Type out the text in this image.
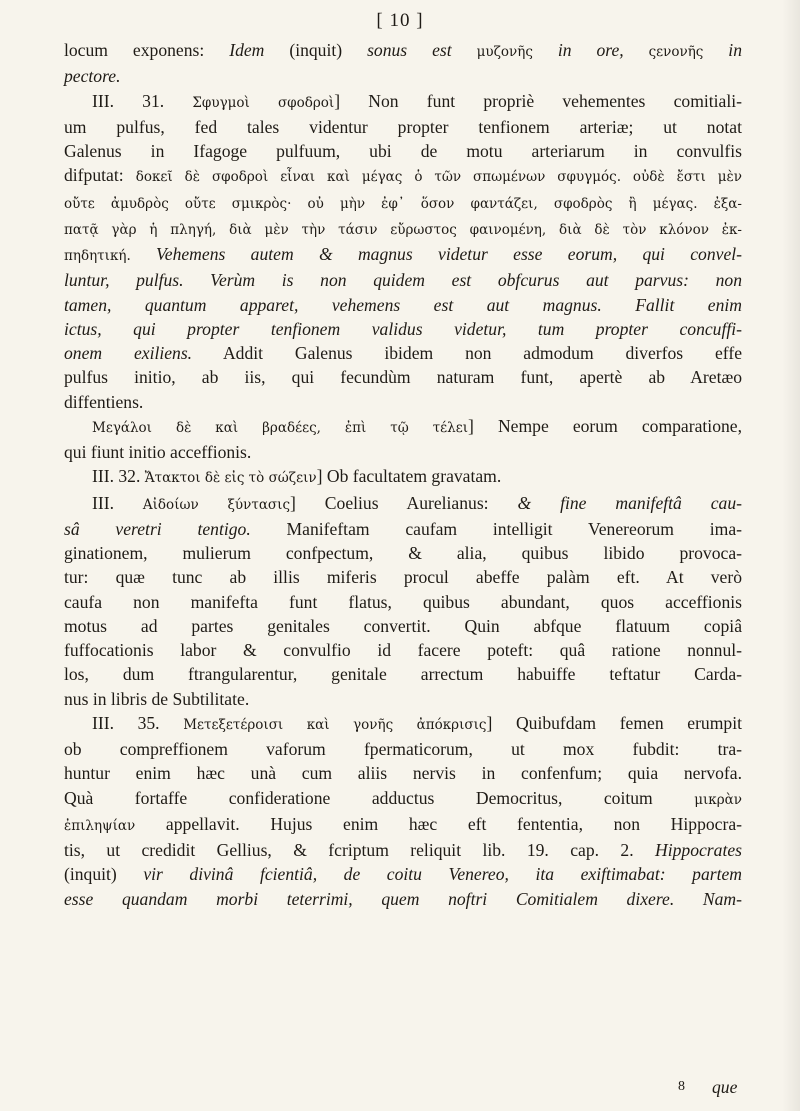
[ 10 ]
locum exponens: Idem (inquit) sonus est μυζονῆς in ore, ςενονῆς in
pectore.
III. 31. Σφυγμοὶ σφοδροὶ] Non funt propriè vehementes comitiali-
um pulfus, fed tales videntur propter tenfionem arteriæ; ut notat
Galenus in Ifagoge pulfuum, ubi de motu arteriarum in convulfis
difputat: δοκεῖ δὲ σφοδροὶ εἶναι καὶ μέγας ὁ τῶν σπωμένων σφυγμός. οὐδὲ ἔστι μὲν
οὔτε ἀμυδρὸς οὔτε σμικρὸς· οὐ μὴν ἐφ᾽ ὅσον φαντάζει, σφοδρὸς ἢ μέγας. ἐξα-
πατᾷ γὰρ ἡ πληγή, διὰ μὲν τὴν τάσιν εὔρωστος φαινομένη, διὰ δὲ τὸν κλόνον ἐκ-
πηδητική. Vehemens autem & magnus videtur esse eorum, qui convel-
luntur, pulfus. Verùm is non quidem est obfcurus aut parvus: non
tamen, quantum apparet, vehemens est aut magnus. Fallit enim
ictus, qui propter tenfionem validus videtur, tum propter concuffi-
onem exiliens. Addit Galenus ibidem non admodum diverfos effe
pulfus initio, ab iis, qui fecundùm naturam funt, apertè ab Aretæo
diffentiens.
Μεγάλοι δὲ καὶ βραδέες, ἐπὶ τῷ τέλει] Nempe eorum comparatione,
qui fiunt initio acceffionis.
III. 32. Ἄτακτοι δὲ εἰς τὸ σώζειν] Ob facultatem gravatam.
III. Αἰδοίων ξύντασις] Coelius Aurelianus: & fine manifeftâ cau-
sâ veretri tentigo. Manifeftam caufam intelligit Venereorum ima-
ginationem, mulierum confpectum, & alia, quibus libido provoca-
tur: quæ tunc ab illis miferis procul abeffe palàm eft. At verò
caufa non manifefta funt flatus, quibus abundant, quos acceffionis
motus ad partes genitales convertit. Quin abfque flatuum copiâ
fuffocationis labor & convulfio id facere poteft: quâ ratione nonnul-
los, dum ftrangularentur, genitale arrectum habuiffe teftatur Carda-
nus in libris de Subtilitate.
III. 35. Μετεξετέροισι καὶ γονῆς ἀπόκρισις] Quibufdam femen erumpit
ob compreffionem vaforum fpermaticorum, ut mox fubdit: tra-
huntur enim hæc unà cum aliis nervis in confenfum; quia nervofa.
Quà fortaffe confideratione adductus Democritus, coitum μικρὰν
ἐπιληψίαν appellavit. Hujus enim hæc eft fententia, non Hippocra-
tis, ut credidit Gellius, & fcriptum reliquit lib. 19. cap. 2. Hippocrates
(inquit) vir divinâ fcientiâ, de coitu Venereo, ita exiftimabat: partem
esse quandam morbi teterrimi, quem noftri Comitialem dixere. Nam-
8 que
